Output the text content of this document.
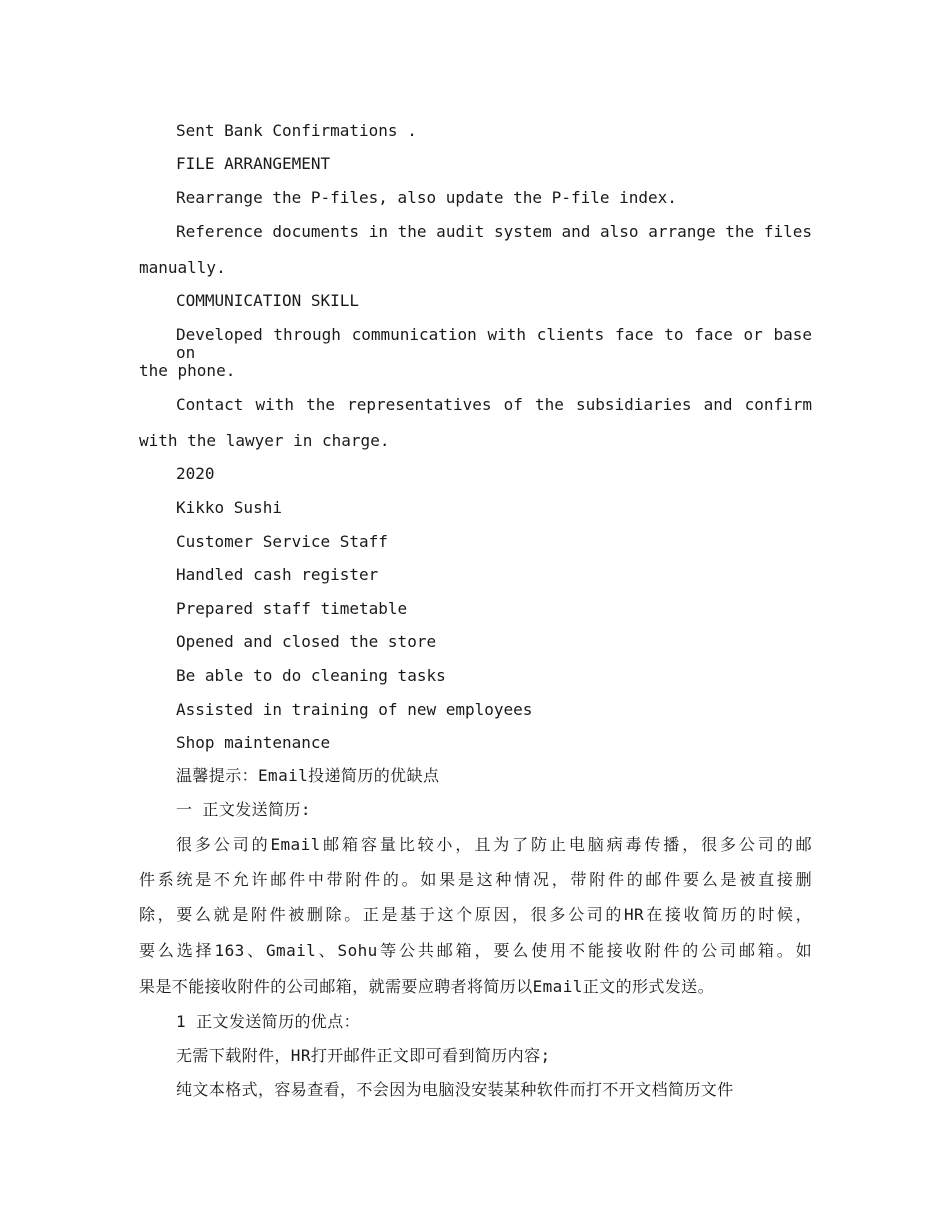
Sent Bank Confirmations .

FILE ARRANGEMENT

Rearrange the P-files, also update the P-file index.

Reference documents in the audit system and also arrange the files

manually.

COMMUNICATION SKILL

Developed through communication with clients face to face or base on

the phone.

Contact with the representatives of the subsidiaries and confirm

with the lawyer in charge.

2020

Kikko Sushi

Customer Service Staff

Handled cash register

Prepared staff timetable

Opened and closed the store

Be able to do cleaning tasks

Assisted in training of new employees

Shop maintenance

温馨提示：Email投递简历的优缺点

一 正文发送简历:

很多公司的Email邮箱容量比较小，且为了防止电脑病毒传播，很多公司的邮

件系统是不允许邮件中带附件的。如果是这种情况，带附件的邮件要么是被直接删

除，要么就是附件被删除。正是基于这个原因，很多公司的HR在接收简历的时候，

要么选择163、Gmail、Sohu等公共邮箱，要么使用不能接收附件的公司邮箱。如

果是不能接收附件的公司邮箱，就需要应聘者将简历以Email正文的形式发送。

1 正文发送简历的优点：

无需下载附件，HR打开邮件正文即可看到简历内容;

纯文本格式，容易查看，不会因为电脑没安装某种软件而打不开文档简历文件
